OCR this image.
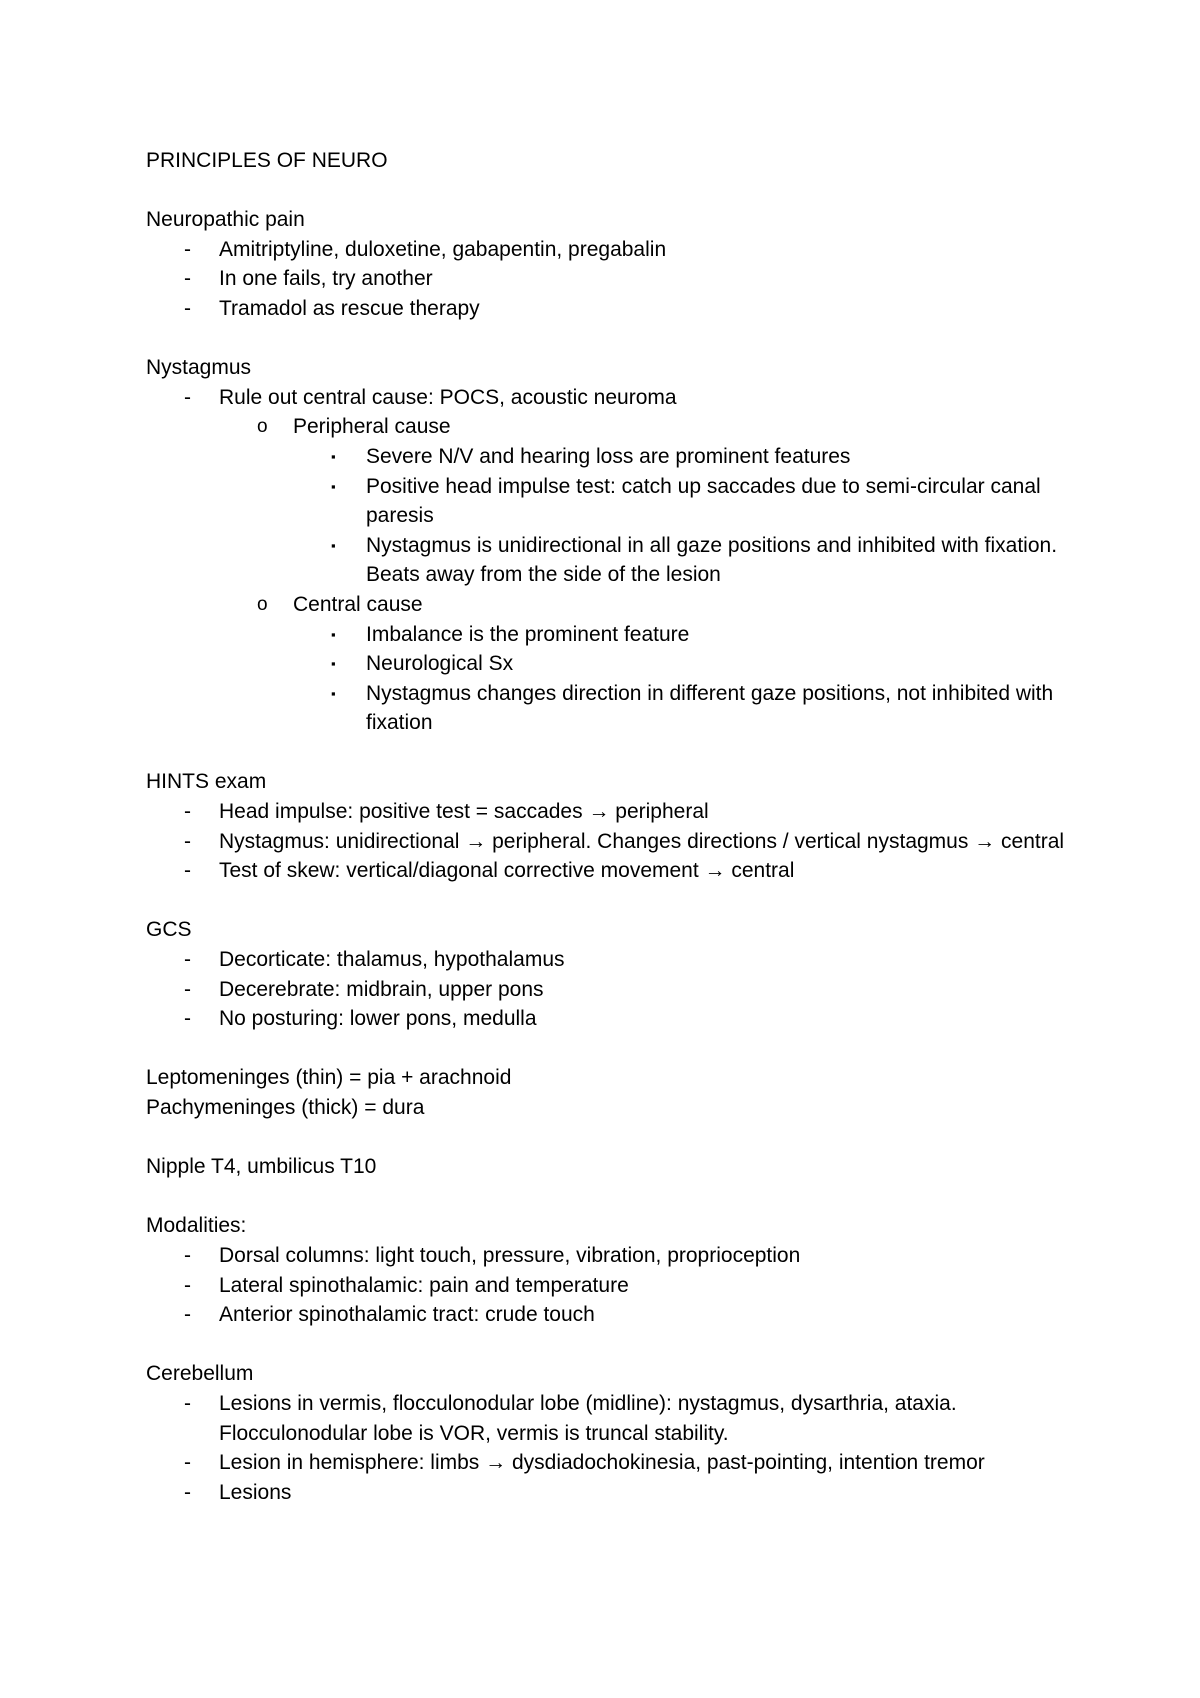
PRINCIPLES OF NEURO
Neuropathic pain
- Amitriptyline, duloxetine, gabapentin, pregabalin
- In one fails, try another
- Tramadol as rescue therapy
Nystagmus
- Rule out central cause: POCS, acoustic neuroma
o Peripheral cause
▪ Severe N/V and hearing loss are prominent features
▪ Positive head impulse test: catch up saccades due to semi-circular canal paresis
▪ Nystagmus is unidirectional in all gaze positions and inhibited with fixation. Beats away from the side of the lesion
o Central cause
▪ Imbalance is the prominent feature
▪ Neurological Sx
▪ Nystagmus changes direction in different gaze positions, not inhibited with fixation
HINTS exam
- Head impulse: positive test = saccades → peripheral
- Nystagmus: unidirectional → peripheral. Changes directions / vertical nystagmus → central
- Test of skew: vertical/diagonal corrective movement → central
GCS
- Decorticate: thalamus, hypothalamus
- Decerebrate: midbrain, upper pons
- No posturing: lower pons, medulla
Leptomeninges (thin) = pia + arachnoid
Pachymeninges (thick) = dura
Nipple T4, umbilicus T10
Modalities:
- Dorsal columns: light touch, pressure, vibration, proprioception
- Lateral spinothalamic: pain and temperature
- Anterior spinothalamic tract: crude touch
Cerebellum
- Lesions in vermis, flocculonodular lobe (midline): nystagmus, dysarthria, ataxia. Flocculonodular lobe is VOR, vermis is truncal stability.
- Lesion in hemisphere: limbs → dysdiadochokinesia, past-pointing, intention tremor
- Lesions
